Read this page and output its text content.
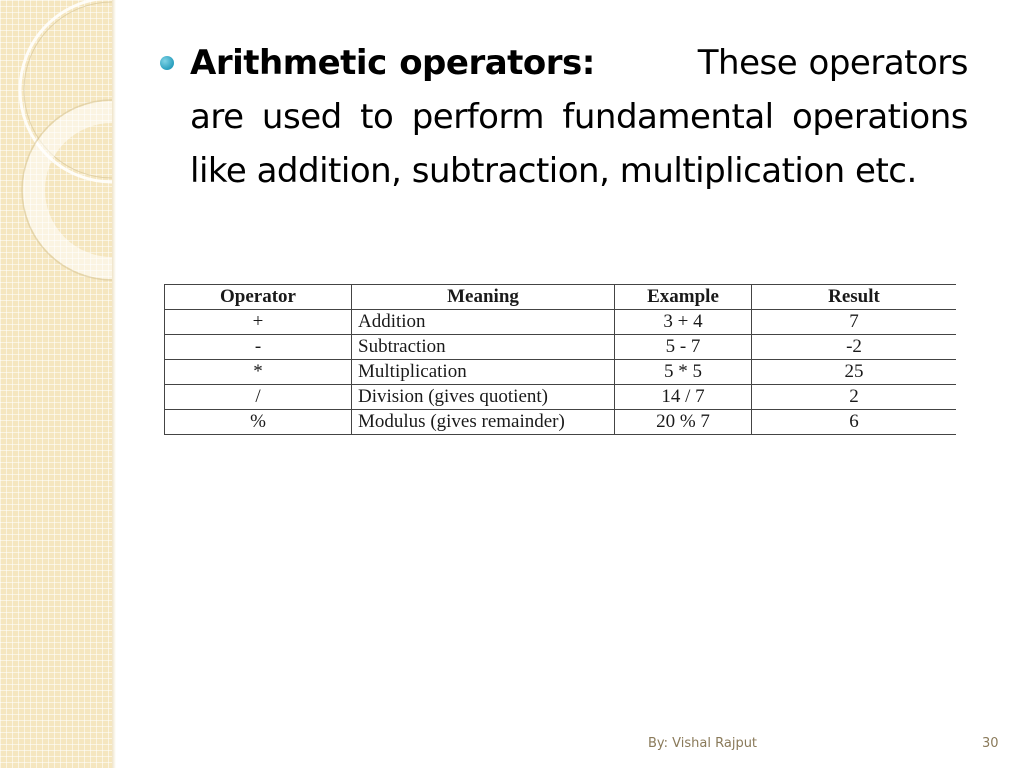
Arithmetic operators:	These operators are used to perform fundamental operations like addition, subtraction, multiplication etc.

Operator	Meaning	Example	Result
+	Addition	3 + 4	7
-	Subtraction	5 - 7	-2
*	Multiplication	5 * 5	25
/	Division (gives quotient)	14 / 7	2
%	Modulus (gives remainder)	20 % 7	6
By: Vishal Rajput	30
